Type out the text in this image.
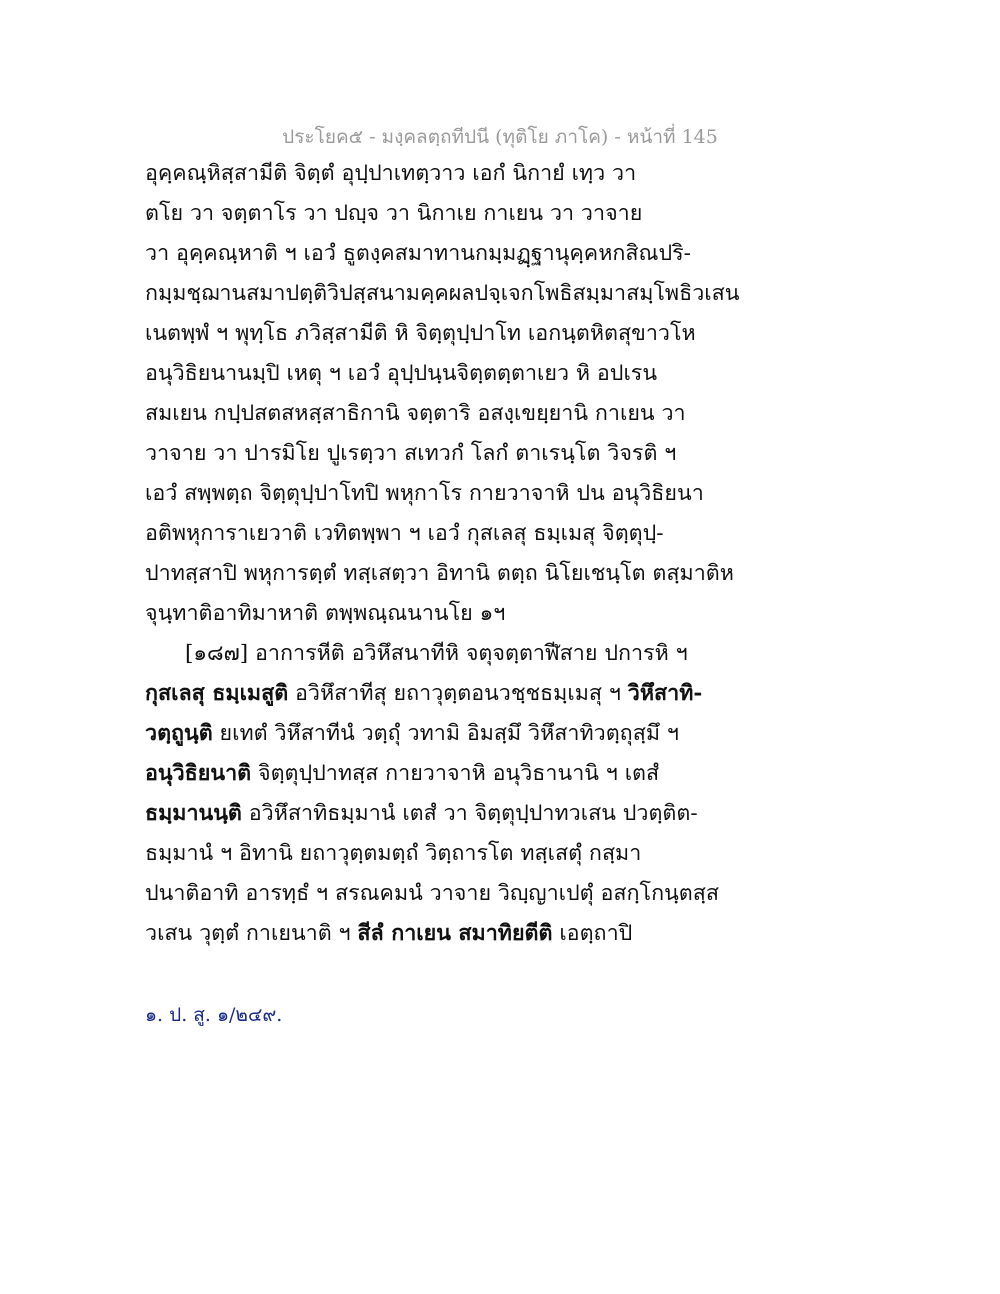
ประโยค๕ - มงฺคลตฺถทีปนี (ทุติโย ภาโค) - หน้าที่ 145
อุคฺคณฺหิสฺสามีติ จิตฺตํ อุปฺปาเทตฺวาว เอกํ นิกายํ เทฺว วา
ตโย วา จตฺตาโร วา ปญฺจ วา นิกาเย กาเยน วา วาจาย
วา อุคฺคณฺหาติ ฯ เอวํ ธูตงฺคสมาทานกมฺมฏฺฐานุคฺคหกสิณปริ-
กมฺมชฺฌานสมาปตฺติวิปสฺสนามคฺคผลปจฺเจกโพธิสมฺมาสมฺโพธิวเสน
เนตพฺพํ ฯ พุทฺโธ ภวิสฺสามีติ หิ จิตฺตุปฺปาโท เอกนฺตหิตสุขาวโห
อนุวิธิยนานมฺปิ เหตุ ฯ เอวํ อุปฺปนฺนจิตฺตตฺตาเยว หิ อปเรน
สมเยน กปฺปสตสหสฺสาธิกานิ จตฺตาริ อสงฺเขยฺยานิ กาเยน วา
วาจาย วา ปารมิโย ปูเรตฺวา สเทวกํ โลกํ ตาเรนฺโต วิจรติ ฯ
เอวํ สพฺพตฺถ จิตฺตุปฺปาโทปิ พหุกาโร กายวาจาหิ ปน อนุวิธิยนา
อติพหุการาเยวาติ เวทิตพฺพา ฯ เอวํ กุสเลสุ ธมฺเมสุ จิตฺตุปฺ-
ปาทสฺสาปิ พหุการตฺตํ ทสฺเสตฺวา อิทานิ ตตฺถ นิโยเชนฺโต ตสฺมาติห
จุนฺทาติอาทิมาหาติ ตพฺพณฺณนานโย ๑ฯ
[๑๘๗] อาการหีติ อวิหึสนาทีหิ จตุจตฺตาฬีสาย ปการหิ ฯ
กุสเลสุ ธมฺเมสูติ อวิหึสาทีสุ ยถาวุตฺตอนวชฺชธมฺเมสุ ฯ วิหึสาทิ-
วตฺถูนฺติ ยเทตํ วิหึสาทีนํ วตฺถุํ วทามิ อิมสฺมึ วิหึสาทิวตฺถุสฺมึ ฯ
อนุวิธิยนาติ จิตฺตุปฺปาทสฺส กายวาจาหิ อนุวิธานานิ ฯ เตสํ
ธมฺมานนฺติ อวิหึสาทิธมฺมานํ เตสํ วา จิตฺตุปฺปาทวเสน ปวตฺติต-
ธมฺมานํ ฯ อิทานิ ยถาวุตฺตมตฺถํ วิตฺถารโต ทสฺเสตุํ กสฺมา
ปนาติอาทิ อารทฺธํ ฯ สรณคมนํ วาจาย วิญฺญาเปตุํ อสกฺโกนฺตสฺส
วเสน วุตฺตํ กาเยนาติ ฯ สีลํ กาเยน สมาทิยตีติ เอตฺถาปิ
๑. ป. สู. ๑/๒๔๙.
